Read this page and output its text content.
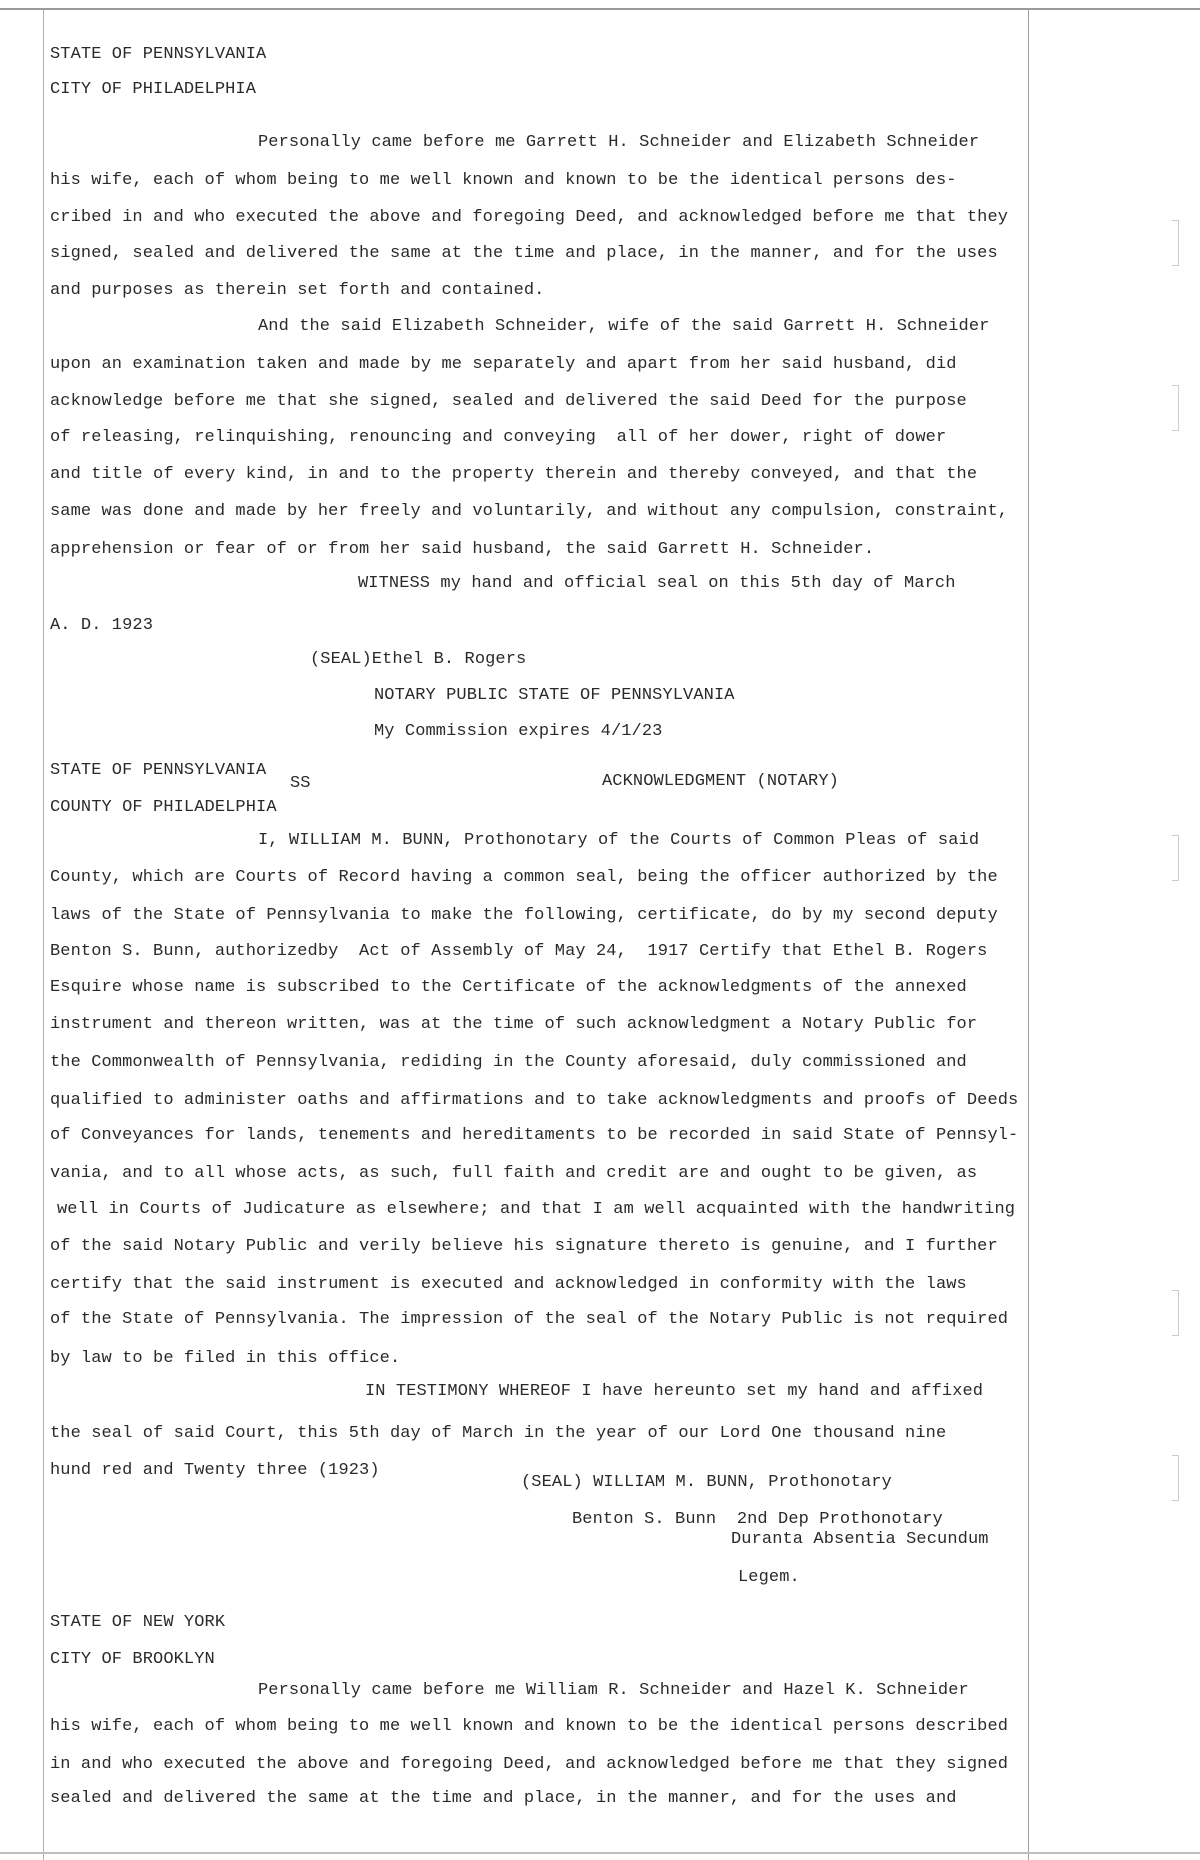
STATE OF PENNSYLVANIA
CITY OF PHILADELPHIA
Personally came before me Garrett H. Schneider and Elizabeth Schneider
his wife, each of whom being to me well known and known to be the identical persons des-
cribed in and who executed the above and foregoing Deed, and acknowledged before me that they
signed, sealed and delivered the same at the time and place, in the manner, and for the uses
and purposes as therein set forth and contained.
And the said Elizabeth Schneider, wife of the said Garrett H. Schneider
upon an examination taken and made by me separately and apart from her said husband, did
acknowledge before me that she signed, sealed and delivered the said Deed for the purpose
of releasing, relinquishing, renouncing and conveying  all of her dower, right of dower
and title of every kind, in and to the property therein and thereby conveyed, and that the
same was done and made by her freely and voluntarily, and without any compulsion, constraint,
apprehension or fear of or from her said husband, the said Garrett H. Schneider.
WITNESS my hand and official seal on this 5th day of March
A. D. 1923
(SEAL)Ethel B. Rogers
NOTARY PUBLIC STATE OF PENNSYLVANIA
My Commission expires 4/1/23
STATE OF PENNSYLVANIA
SS	ACKNOWLEDGMENT (NOTARY)
COUNTY OF PHILADELPHIA
I, WILLIAM M. BUNN, Prothonotary of the Courts of Common Pleas of said
County, which are Courts of Record having a common seal, being the officer authorized by the
laws of the State of Pennsylvania to make the following, certificate, do by my second deputy
Benton S. Bunn, authorizedby  Act of Assembly of May 24,  1917 Certify that Ethel B. Rogers
Esquire whose name is subscribed to the Certificate of the acknowledgments of the annexed
instrument and thereon written, was at the time of such acknowledgment a Notary Public for
the Commonwealth of Pennsylvania, rediding in the County aforesaid, duly commissioned and
qualified to administer oaths and affirmations and to take acknowledgments and proofs of Deeds
of Conveyances for lands, tenements and hereditaments to be recorded in said State of Pennsyl-
vania, and to all whose acts, as such, full faith and credit are and ought to be given, as
well in Courts of Judicature as elsewhere; and that I am well acquainted with the handwriting
of the said Notary Public and verily believe his signature thereto is genuine, and I further
certify that the said instrument is executed and acknowledged in conformity with the laws
of the State of Pennsylvania. The impression of the seal of the Notary Public is not required
by law to be filed in this office.
IN TESTIMONY WHEREOF I have hereunto set my hand and affixed
the seal of said Court, this 5th day of March in the year of our Lord One thousand nine
hund red and Twenty three (1923)
(SEAL) WILLIAM M. BUNN, Prothonotary
Benton S. Bunn  2nd Dep Prothonotary
Duranta Absentia Secundum
Legem.
STATE OF NEW YORK
CITY OF BROOKLYN
Personally came before me William R. Schneider and Hazel K. Schneider
his wife, each of whom being to me well known and known to be the identical persons described
in and who executed the above and foregoing Deed, and acknowledged before me that they signed
sealed and delivered the same at the time and place, in the manner, and for the uses and
